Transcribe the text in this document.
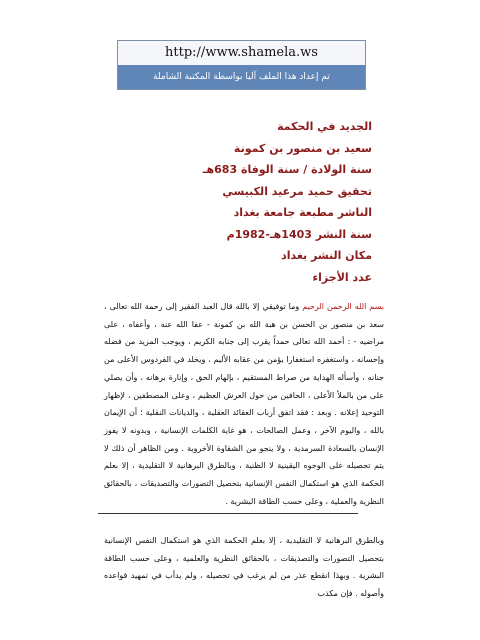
http://www.shamela.ws
تم إعداد هذا الملف آليا بواسطة المكتبة الشاملة
الجديد في الحكمة
سعيد بن منصور بن كمونة
سنة الولادة / سنة الوفاة 683هـ
تحقيق حميد مرعيد الكبيسي
الناشر مطبعة جامعة بغداد
سنة النشر 1403هـ-1982م
مكان النشر بغداد
عدد الأجزاء
بسم الله الرحمن الرحيم وما توفيقي إلا بالله قال العبد الفقير إلى رحمة الله تعالى ، سعد بن منصور بن الحسن بن هبة الله بن كمونة - عفا الله عنه ، وأعفاه ، على مراضيه - : أحمد الله تعالى حمداً يقرب إلى جنابه الكريم ، ويوجب المزيد من فضله وإحسانه ، واستغفره استغفارا يؤمن من عقابه الأليم ، ويخلد في الفردوس الأعلى من جنانه ، وأسأله الهداية من صراط المستقيم ، بإلهام الحق ، وإنارة برهانه ، وأن يصلي على من بالملأ الأعلى ، الحافين من حول العرش العظيم ، وعلى المصطفين ، لإظهار التوحيد إعلانه . وبعد : فقد اتفق أرباب العقائد العقلية ، والديانات النقلية ؛ أن الإيمان بالله ، واليوم الآخر ، وعمل الصالحات ، هو غاية الكلمات الإنسانية ، وبدونه لا يفوز الإنسان بالسعادة السرمدية ، ولا ينجو من الشقاوة الأخروية . ومن الظاهر أن ذلك لا يتم تحصيله على الوجوه اليقينية لا الظنية ، وبالطرق البرهانية لا التقليدية ، إلا بعلم الحكمة الذي هو استكمال النفس الإنسانية بتحصيل التصورات والتصديقات ، بالحقائق النظرية والعملية ، وعلى حسب الطاقة البشرية .
وبالطرق البرهانية لا التقليدية ، إلا بعلم الحكمة الذي هو استكمال النفس الإنسانية بتحصيل التصورات والتصديقات ، بالحقائق النظرية والعلمية ، وعلى حسب الطاقة البشرية . وبهذا انقطع عذر من لم يرغب في تحصيله ، ولم يدأب في تمهيد قواعده وأصوله . فإن مكذب
